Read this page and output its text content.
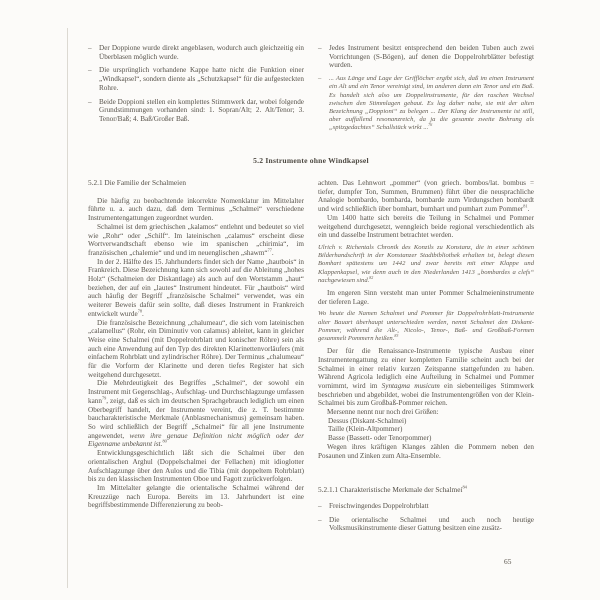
– Der Doppione wurde direkt angeblasen, wodurch auch gleichzeitig ein Überblasen möglich wurde.
– Die ursprünglich vorhandene Kappe hatte nicht die Funktion einer „Windkapsel“, sondern diente als „Schutzkapsel“ für die aufgesteckten Rohre.
– Beide Doppioni stellen ein komplettes Stimmwerk dar, wobei folgende Grundstimmungen vorhanden sind: 1. Sopran/Alt; 2. Alt/Tenor; 3. Tenor/Baß; 4. Baß/Großer Baß.
– Jedes Instrument besitzt entsprechend den beiden Tuben auch zwei Vorrichtungen (S-Bögen), auf denen die Doppelrohrblätter befestigt wurden.
– ... Aus Länge und Lage der Grifflöcher ergibt sich, daß im einen Instrument ein Alt und ein Tenor vereinigt sind, im anderen dann ein Tenor und ein Baß. Es handelt sich also um Doppelinstrumente, für den raschen Wechsel zwischen den Stimmlagen gebaut. Es lag daher nahe, sie mit der alten Bezeichnung „Doppioni“ zu belegen ... Der Klang der Instrumente ist still, aber auffallend resonanzreich, da ja die gesamte zweite Bohrung als „spitzgedachtes“ Schallstück wirkt ...$^{76}$
5.2 Instrumente ohne Windkapsel
5.2.1 Die Familie der Schalmeien

Die häufig zu beobachtende inkorrekte Nomenklatur im Mittelalter führte u. a. auch dazu, daß dem Terminus „Schalmei“ verschiedene Instrumentengattungen zugeordnet wurden.

Schalmei ist dem griechischen „kalamos“ entlehnt und bedeutet so viel wie „Rohr“ oder „Schilf“. Im lateinischen „calamus“ erscheint diese Wortverwandtschaft ebenso wie im spanischen „chirimia“, im französischen „chalemie“ und und im neuenglischen „shawm“$^{77}$.

In der 2. Hälfte des 15. Jahrhunderts findet sich der Name „hautbois“ in Frankreich. Diese Bezeichnung kann sich sowohl auf die Ableitung „hohes Holz“ (Schalmeien der Diskantlage) als auch auf den Wortstamm „haut“ beziehen, der auf ein „lautes“ Instrument hindeutet. Für „hautbois“ wird auch häufig der Begriff „französische Schalmei“ verwendet, was ein weiterer Beweis dafür sein sollte, daß dieses Instrument in Frankreich entwickelt wurde$^{78}$.

Die französische Bezeichnung „chalumeau“, die sich vom lateinischen „calamellus“ (Rohr, ein Diminutiv von calamus) ableitet, kann in gleicher Weise eine Schalmei (mit Doppelrohrblatt und konischer Röhre) sein als auch eine Anwendung auf den Typ des direkten Klarinettenvorläufers (mit einfachem Rohrblatt und zylindrischer Röhre). Der Terminus „chalumeau“ für die Vorform der Klarinette und deren tiefes Register hat sich weitgehend durchgesetzt.

Die Mehrdeutigkeit des Begriffes „Schalmei“, der sowohl ein Instrument mit Gegenschlag-, Aufschlag- und Durchschlagzunge umfassen kann$^{79}$, zeigt, daß es sich im deutschen Sprachgebrauch lediglich um einen Oberbegriff handelt, der Instrumente vereint, die z. T. bestimmte baucharakteristische Merkmale (Anblasmechanismus) gemeinsam haben. So wird schließlich der Begriff „Schalmei“ für all jene Instrumente angewendet, wenn ihre genaue Definition nicht möglich oder der Eigenname unbekannt ist.$^{80}$

Entwicklungsgeschichtlich läßt sich die Schalmei über den orientalischen Arghul (Doppelschalmei der Fellachen) mit idioglotter Aufschlagzunge über den Aulos und die Tibia (mit doppeltem Rohrblatt) bis zu den klassischen Instrumenten Oboe und Fagott zurückverfolgen.

Im Mittelalter gelangte die orientalische Schalmei während der Kreuzzüge nach Europa. Bereits im 13. Jahrhundert ist eine begriffsbestimmende Differenzierung zu beob-

achten. Das Lehnwort „pommer“ (von griech. bombos/lat. bombus = tiefer, dumpfer Ton, Summen, Brummen) führt über die neusprachliche Analogie bombardo, bombarda, bombarde zum Virdungschen bombardt und wird schließlich über bomhart, bumhart und pumhart zum Pommer$^{81}$.

Um 1400 hatte sich bereits die Teilung in Schalmei und Pommer weitgehend durchgesetzt, wenngleich beide regional verschiedentlich als ein und dasselbe Instrument betrachtet werden.

Ulrich v. Richentals Chronik des Konzils zu Konstanz, die in einer schönen Bilderhandschrift in der Konstanzer Stadtbibliothek erhalten ist, belegt diesen Bomhart spätestens um 1442 und zwar bereits mit einer Klappe und Klappenkapsel, wie denn auch in den Niederlanden 1413 „bombardes a clefs“ nachgewiesen sind.$^{82}$

Im engeren Sinn versteht man unter Pommer Schalmeieninstrumente der tieferen Lage.

Wo heute die Namen Schalmei und Pommer für Doppelrohrblatt-Instrumente alter Bauart überhaupt unterschieden werden, nennt Schalmei den Diskant-Pommer, während die Alt-, Nicolo-, Tenor-, Baß- und Großbaß-Formen gesammelt Pommern heißen.$^{83}$

Der für die Renaissance-Instrumente typische Ausbau einer Instrumentengattung zu einer kompletten Familie scheint auch bei der Schalmei in einer relativ kurzen Zeitspanne stattgefunden zu haben. Während Agricola lediglich eine Aufteilung in Schalmei und Pommer vornimmt, wird im Syntagma musicum ein siebenteiliges Stimmwerk beschrieben und abgebildet, wobei die Instrumentengrößen von der Klein-Schalmei bis zum Großbaß-Pommer reichen.

Mersenne nennt nur noch drei Größen:

Dessus (Diskant-Schalmei)
Taille (Klein-Altpommer)
Basse (Bassett- oder Tenorpommer)

Wegen ihres kräftigen Klanges zählen die Pommern neben den Posaunen und Zinken zum Alta-Ensemble.

5.2.1.1 Charakteristische Merkmale der Schalmei$^{84}$
– Freischwingendes Doppelrohrblatt
– Die orientalische Schalmei und auch noch heutige Volksmusikinstrumente dieser Gattung besitzen eine zusätz-
65
